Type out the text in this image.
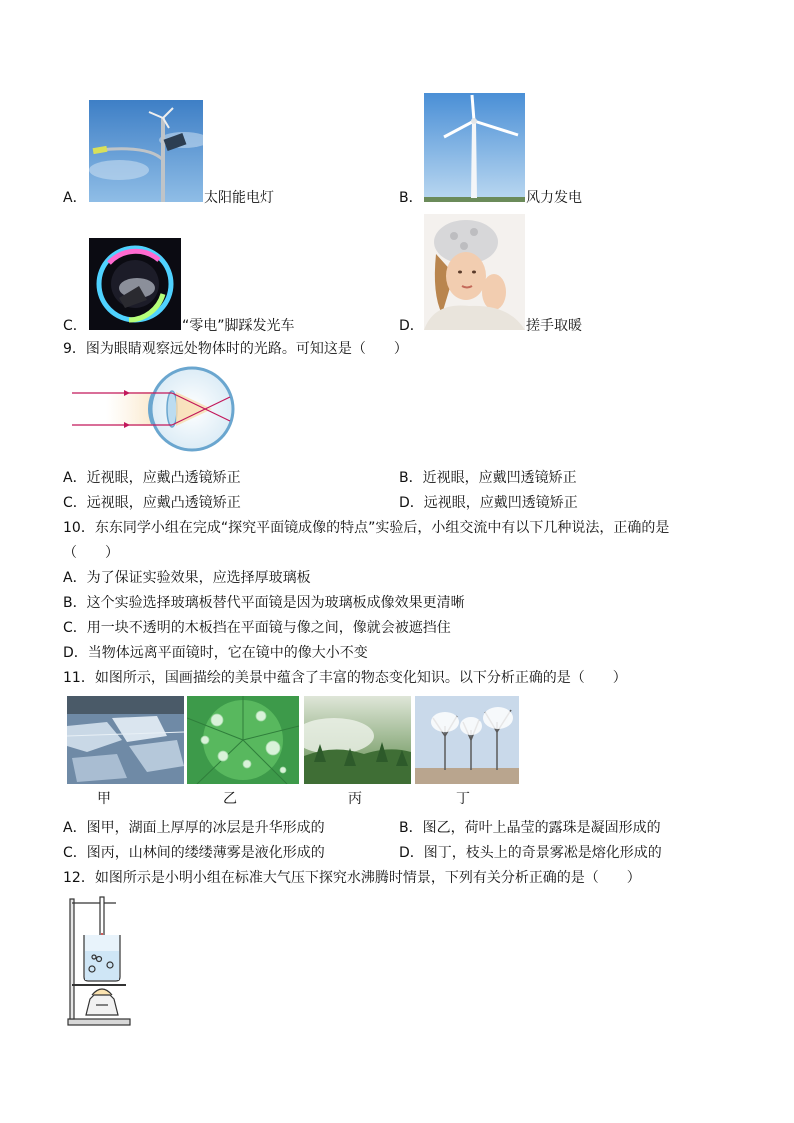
A．	太阳能电灯	B．	风力发电
C．	“零电”脚踩发光车	D．	搓手取暖
9．图为眼睛观察远处物体时的光路。可知这是（　　）
A．近视眼，应戴凸透镜矫正	B．近视眼，应戴凹透镜矫正
C．远视眼，应戴凸透镜矫正	D．远视眼，应戴凹透镜矫正
10．东东同学小组在完成“探究平面镜成像的特点”实验后，小组交流中有以下几种说法，正确的是
（　　）
A．为了保证实验效果，应选择厚玻璃板
B．这个实验选择玻璃板替代平面镜是因为玻璃板成像效果更清晰
C．用一块不透明的木板挡在平面镜与像之间，像就会被遮挡住
D．当物体远离平面镜时，它在镜中的像大小不变
11．如图所示，国画描绘的美景中蕴含了丰富的物态变化知识。以下分析正确的是（　　）
甲	乙	丙	丁
A．图甲，湖面上厚厚的冰层是升华形成的	B．图乙，荷叶上晶莹的露珠是凝固形成的
C．图丙，山林间的缕缕薄雾是液化形成的	D．图丁，枝头上的奇景雾凇是熔化形成的
12．如图所示是小明小组在标准大气压下探究水沸腾时情景，下列有关分析正确的是（　　）
